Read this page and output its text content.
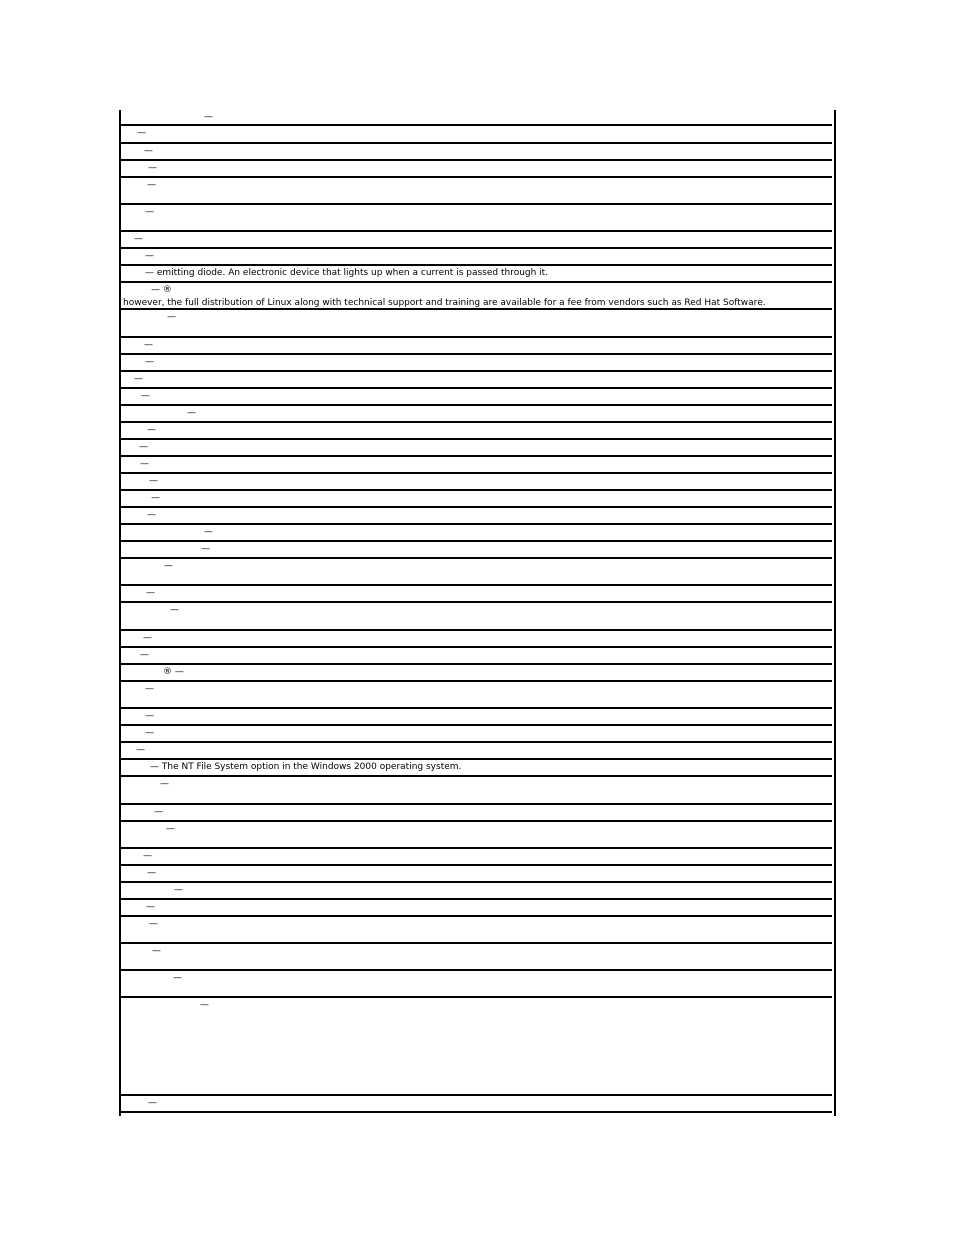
—
—
—
—
—
—
—
—
— emitting diode. An electronic device that lights up when a current is passed through it.
— ®
however, the full distribution of Linux along with technical support and training are available for a fee from vendors such as Red Hat Software.
—
—
—
—
—
—
—
—
—
—
—
—
—
—
—
—
—
—
—
® —
—
—
—
—
— The NT File System option in the Windows 2000 operating system.
—
—
—
—
—
—
—
—
—
—
—
—
